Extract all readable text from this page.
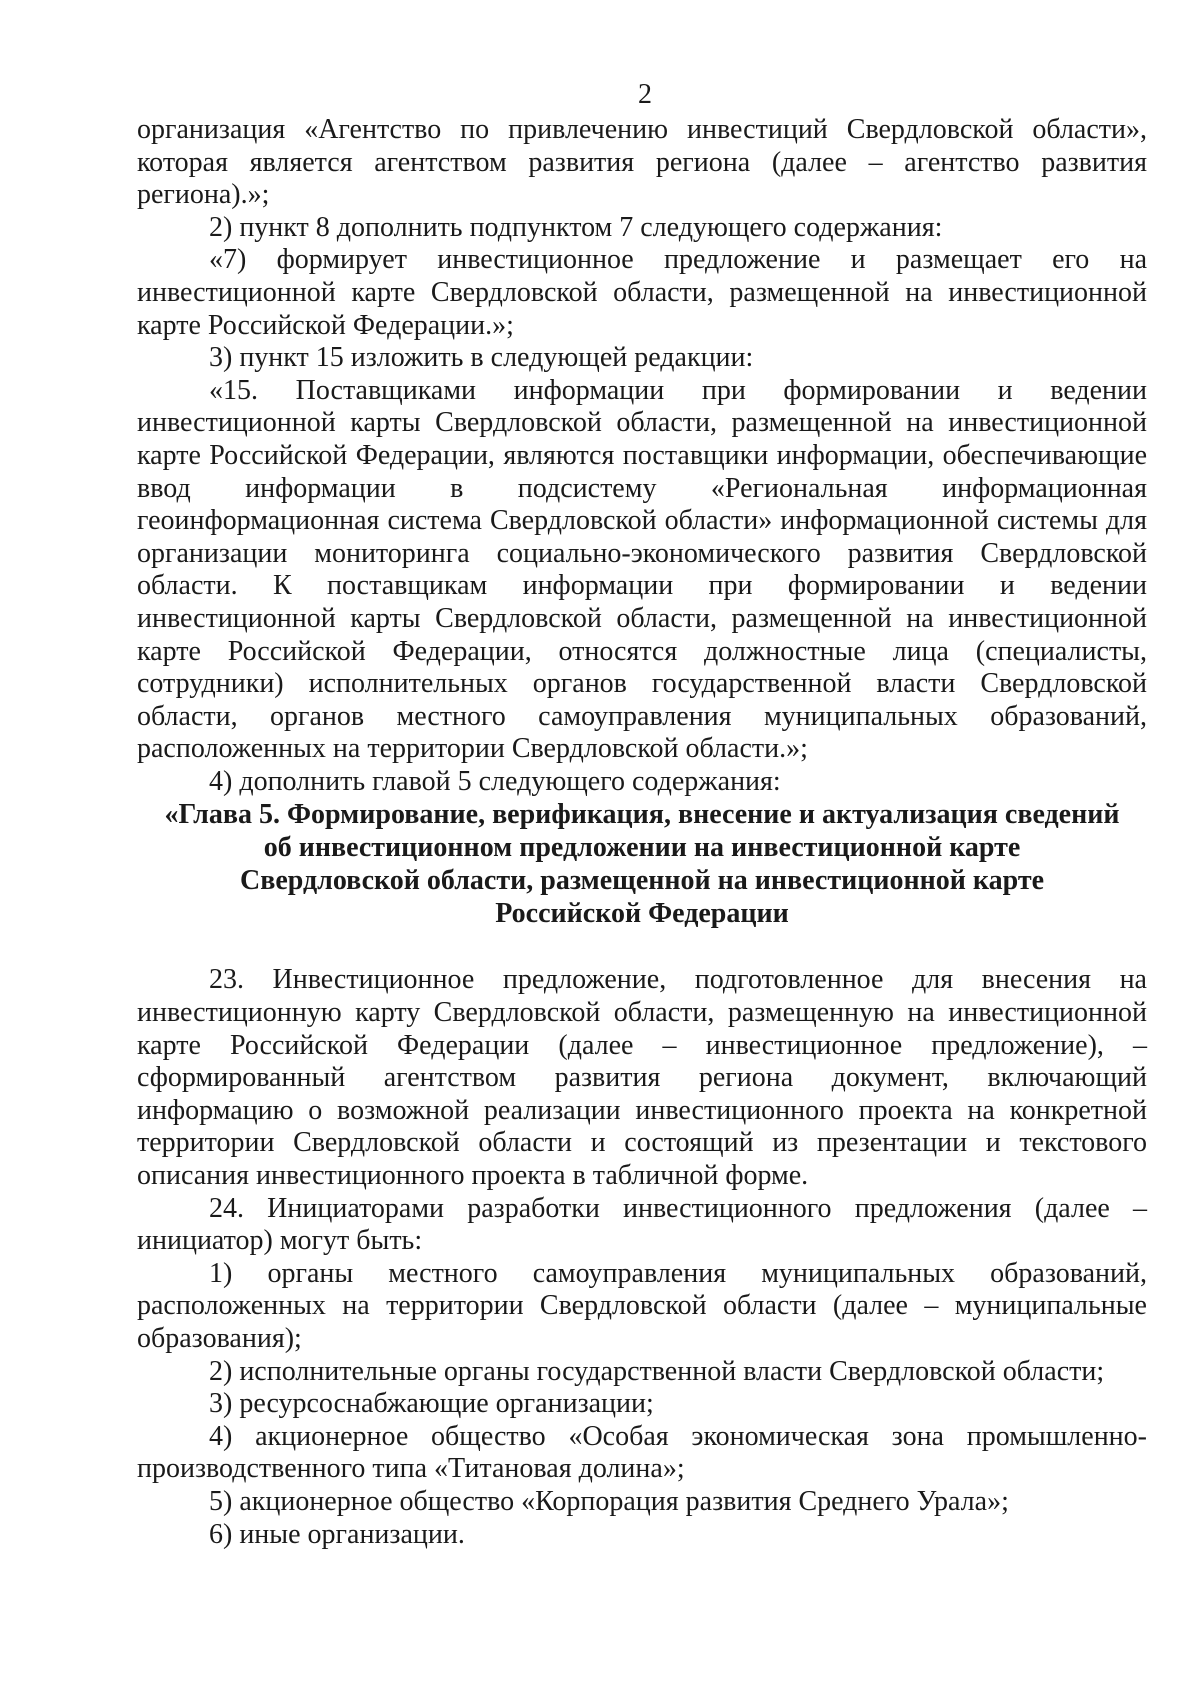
2

организация «Агентство по привлечению инвестиций Свердловской области», которая является агентством развития региона (далее – агентство развития региона).»;

2) пункт 8 дополнить подпунктом 7 следующего содержания:

«7) формирует инвестиционное предложение и размещает его на инвестиционной карте Свердловской области, размещенной на инвестиционной карте Российской Федерации.»;

3) пункт 15 изложить в следующей редакции:

«15. Поставщиками информации при формировании и ведении инвестиционной карты Свердловской области, размещенной на инвестиционной карте Российской Федерации, являются поставщики информации, обеспечивающие ввод информации в подсистему «Региональная информационная геоинформационная система Свердловской области» информационной системы для организации мониторинга социально-экономического развития Свердловской области. К поставщикам информации при формировании и ведении инвестиционной карты Свердловской области, размещенной на инвестиционной карте Российской Федерации, относятся должностные лица (специалисты, сотрудники) исполнительных органов государственной власти Свердловской области, органов местного самоуправления муниципальных образований, расположенных на территории Свердловской области.»;

4) дополнить главой 5 следующего содержания:

«Глава 5. Формирование, верификация, внесение и актуализация сведений
об инвестиционном предложении на инвестиционной карте
Свердловской области, размещенной на инвестиционной карте
Российской Федерации

23. Инвестиционное предложение, подготовленное для внесения на инвестиционную карту Свердловской области, размещенную на инвестиционной карте Российской Федерации (далее – инвестиционное предложение), – сформированный агентством развития региона документ, включающий информацию о возможной реализации инвестиционного проекта на конкретной территории Свердловской области и состоящий из презентации и текстового описания инвестиционного проекта в табличной форме.

24. Инициаторами разработки инвестиционного предложения (далее – инициатор) могут быть:

1) органы местного самоуправления муниципальных образований, расположенных на территории Свердловской области (далее – муниципальные образования);

2) исполнительные органы государственной власти Свердловской области;

3) ресурсоснабжающие организации;

4) акционерное общество «Особая экономическая зона промышленно-производственного типа «Титановая долина»;

5) акционерное общество «Корпорация развития Среднего Урала»;

6) иные организации.
